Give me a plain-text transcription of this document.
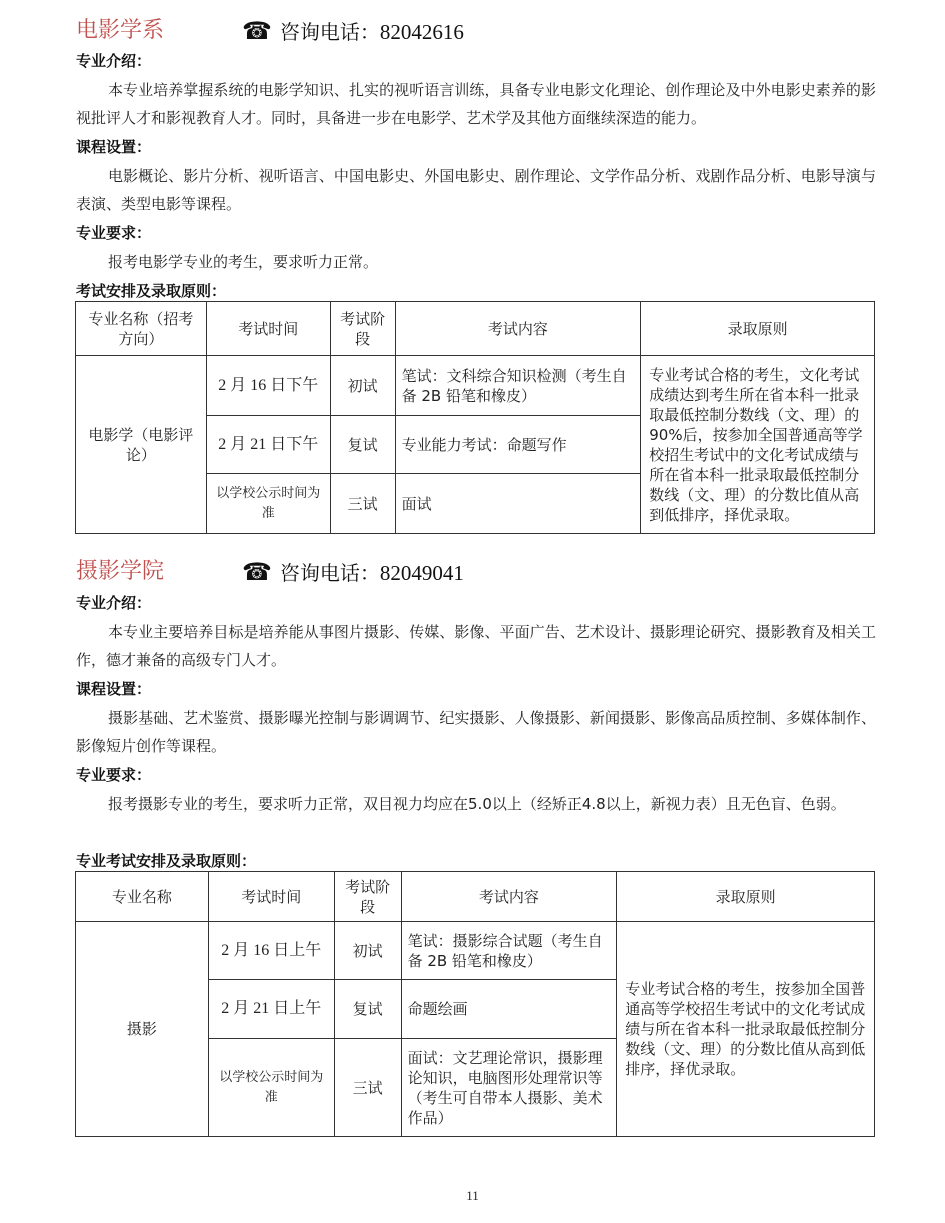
电影学系	☎ 咨询电话：82042616
专业介绍：

本专业培养掌握系统的电影学知识、扎实的视听语言训练，具备专业电影文化理论、创作理论及中外电影史素养的影视批评人才和影视教育人才。同时，具备进一步在电影学、艺术学及其他方面继续深造的能力。

课程设置：

电影概论、影片分析、视听语言、中国电影史、外国电影史、剧作理论、文学作品分析、戏剧作品分析、电影导演与表演、类型电影等课程。

专业要求：

报考电影学专业的考生，要求听力正常。

考试安排及录取原则：
专业名称（招考方向）	考试时间	考试阶段	考试内容	录取原则
电影学（电影评论）	2 月 16 日下午	初试	笔试：文科综合知识检测（考生自备 2B 铅笔和橡皮）	专业考试合格的考生，文化考试成绩达到考生所在省本科一批录取最低控制分数线（文、理）的 90%后，按参加全国普通高等学校招生考试中的文化考试成绩与所在省本科一批录取最低控制分数线（文、理）的分数比值从高到低排序，择优录取。
	2 月 21 日下午	复试	专业能力考试：命题写作	
	以学校公示时间为准	三试	面试	
摄影学院	☎ 咨询电话：82049041
专业介绍：

本专业主要培养目标是培养能从事图片摄影、传媒、影像、平面广告、艺术设计、摄影理论研究、摄影教育及相关工作，德才兼备的高级专门人才。

课程设置：

摄影基础、艺术鉴赏、摄影曝光控制与影调调节、纪实摄影、人像摄影、新闻摄影、影像高品质控制、多媒体制作、影像短片创作等课程。

专业要求：

报考摄影专业的考生，要求听力正常，双目视力均应在5.0以上（经矫正4.8以上，新视力表）且无色盲、色弱。

专业考试安排及录取原则：
专业名称	考试时间	考试阶段	考试内容	录取原则
摄影	2 月 16 日上午	初试	笔试：摄影综合试题（考生自备 2B 铅笔和橡皮）	专业考试合格的考生，按参加全国普通高等学校招生考试中的文化考试成绩与所在省本科一批录取最低控制分数线（文、理）的分数比值从高到低排序，择优录取。
	2 月 21 日上午	复试	命题绘画	
	以学校公示时间为准	三试	面试：文艺理论常识，摄影理论知识，电脑图形处理常识等（考生可自带本人摄影、美术作品）	
11
